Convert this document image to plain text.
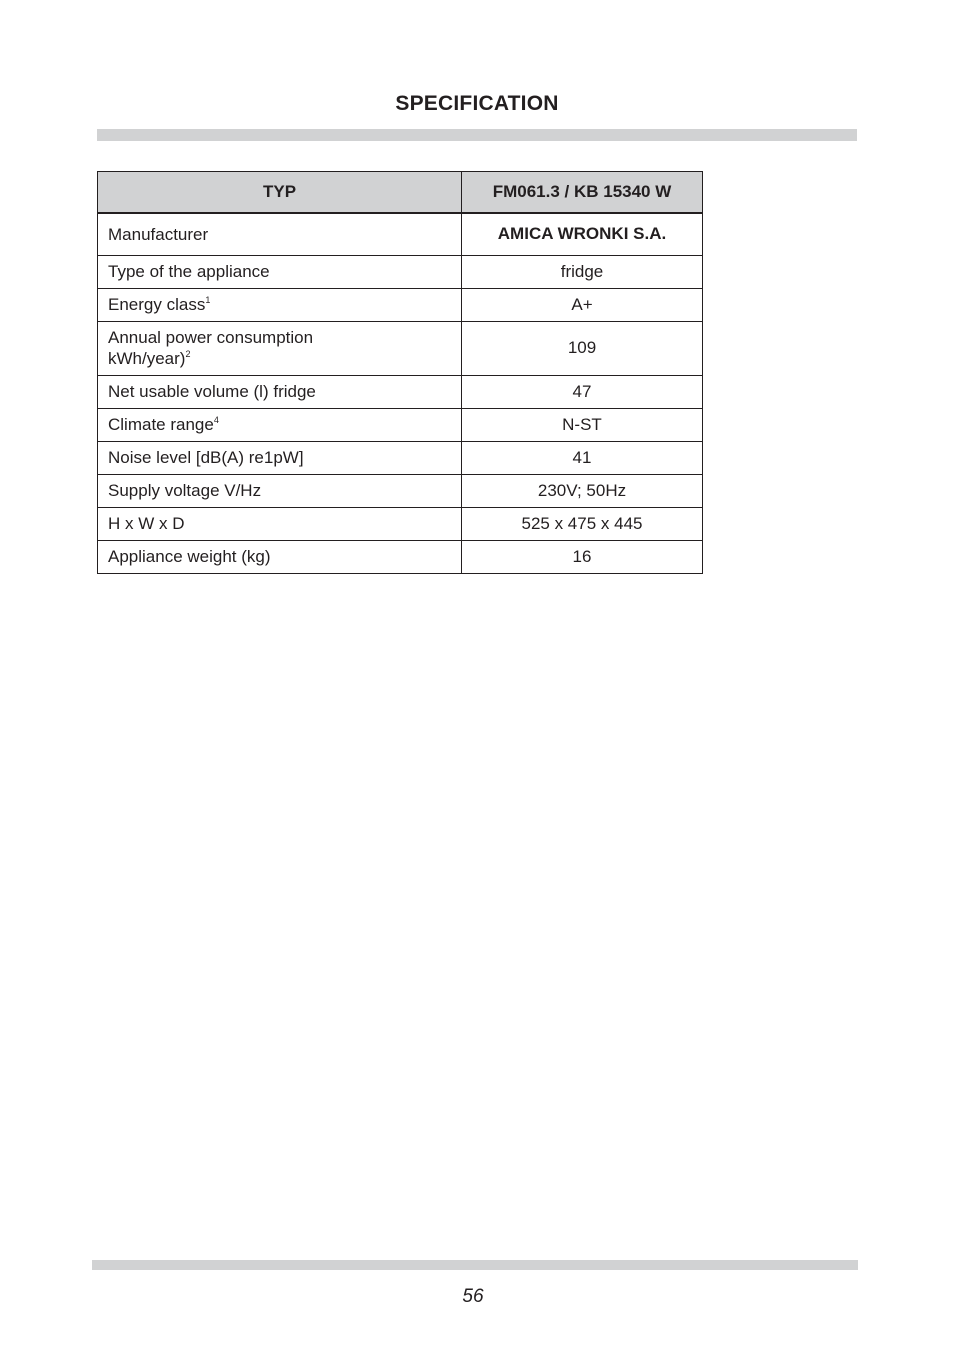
SPECIFICATION
TYP	FM061.3 / KB 15340 W
Manufacturer	AMICA WRONKI S.A.
Type of the appliance	fridge
Energy class$^1$	A+
Annual power consumption
kWh/year)$^2$	109
Net usable volume (l) fridge	47
Climate range$^4$	N-ST
Noise level [dB(A) re1pW]	41
Supply voltage V/Hz	230V; 50Hz
H x W x D	525 x 475 x 445
Appliance weight (kg)	16
56
